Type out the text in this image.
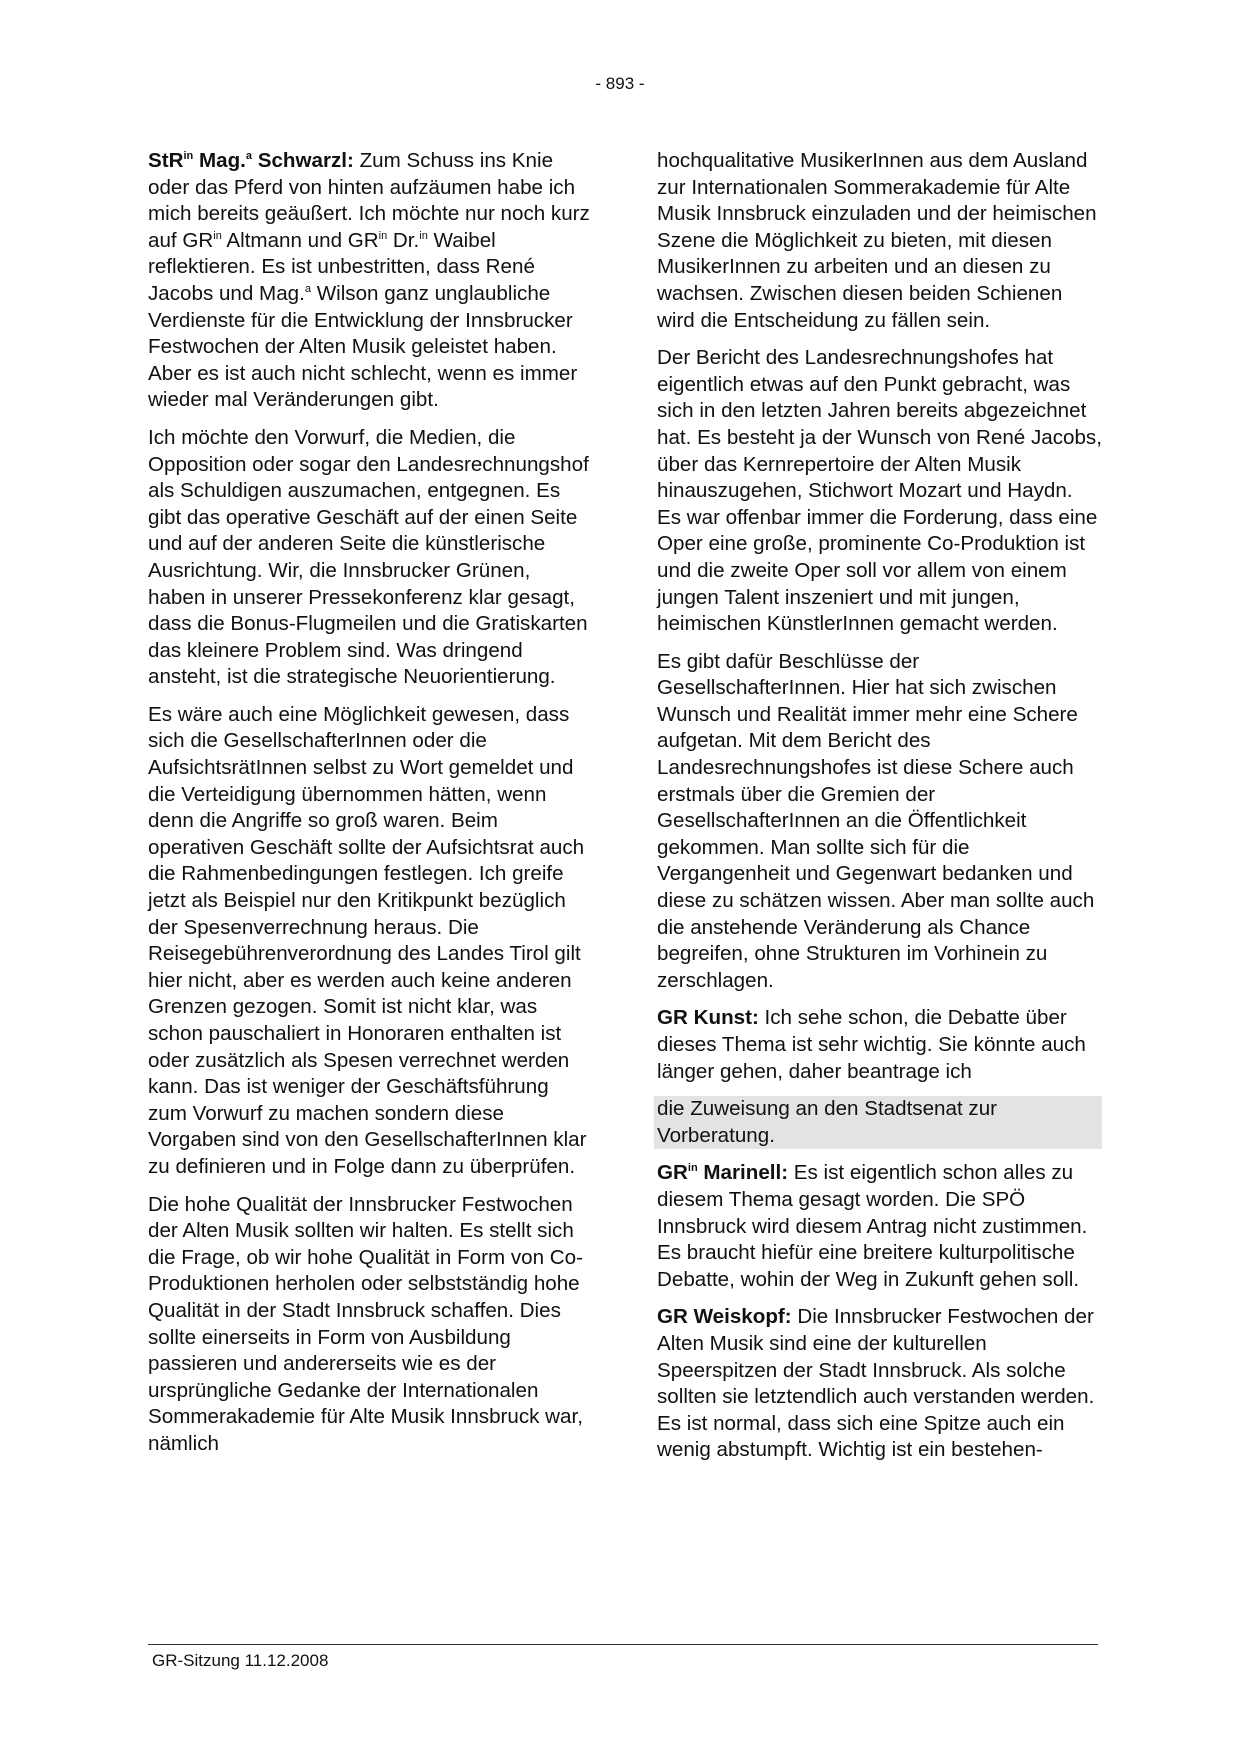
- 893 -

StR$^{in}$ Mag.$^a$ Schwarzl: Zum Schuss ins Knie oder das Pferd von hinten aufzäumen habe ich mich bereits geäußert. Ich möchte nur noch kurz auf $GR^{in}$ Altmann und $GR^{in}$ Dr.$^{in}$ Waibel reflektieren. Es ist unbestritten, dass René Jacobs und Mag.$^a$ Wilson ganz unglaubliche Verdienste für die Entwicklung der Innsbrucker Festwochen der Alten Musik geleistet haben. Aber es ist auch nicht schlecht, wenn es immer wieder mal Veränderungen gibt.

Ich möchte den Vorwurf, die Medien, die Opposition oder sogar den Landesrechnungshof als Schuldigen auszumachen, entgegnen. Es gibt das operative Geschäft auf der einen Seite und auf der anderen Seite die künstlerische Ausrichtung. Wir, die Innsbrucker Grünen, haben in unserer Pressekonferenz klar gesagt, dass die Bonus-Flugmeilen und die Gratiskarten das kleinere Problem sind. Was dringend ansteht, ist die strategische Neuorientierung.

Es wäre auch eine Möglichkeit gewesen, dass sich die GesellschafterInnen oder die AufsichtsrätInnen selbst zu Wort gemeldet und die Verteidigung übernommen hätten, wenn denn die Angriffe so groß waren. Beim operativen Geschäft sollte der Aufsichtsrat auch die Rahmenbedingungen festlegen. Ich greife jetzt als Beispiel nur den Kritikpunkt bezüglich der Spesenverrechnung heraus. Die Reisegebührenverordnung des Landes Tirol gilt hier nicht, aber es werden auch keine anderen Grenzen gezogen. Somit ist nicht klar, was schon pauschaliert in Honoraren enthalten ist oder zusätzlich als Spesen verrechnet werden kann. Das ist weniger der Geschäftsführung zum Vorwurf zu machen sondern diese Vorgaben sind von den GesellschafterInnen klar zu definieren und in Folge dann zu überprüfen.

Die hohe Qualität der Innsbrucker Festwochen der Alten Musik sollten wir halten. Es stellt sich die Frage, ob wir hohe Qualität in Form von Co-Produktionen herholen oder selbstständig hohe Qualität in der Stadt Innsbruck schaffen. Dies sollte einerseits in Form von Ausbildung passieren und andererseits wie es der ursprüngliche Gedanke der Internationalen Sommerakademie für Alte Musik Innsbruck war, nämlich

hochqualitative MusikerInnen aus dem Ausland zur Internationalen Sommerakademie für Alte Musik Innsbruck einzuladen und der heimischen Szene die Möglichkeit zu bieten, mit diesen MusikerInnen zu arbeiten und an diesen zu wachsen. Zwischen diesen beiden Schienen wird die Entscheidung zu fällen sein.

Der Bericht des Landesrechnungshofes hat eigentlich etwas auf den Punkt gebracht, was sich in den letzten Jahren bereits abgezeichnet hat. Es besteht ja der Wunsch von René Jacobs, über das Kernrepertoire der Alten Musik hinauszugehen, Stichwort Mozart und Haydn. Es war offenbar immer die Forderung, dass eine Oper eine große, prominente Co-Produktion ist und die zweite Oper soll vor allem von einem jungen Talent inszeniert und mit jungen, heimischen KünstlerInnen gemacht werden.

Es gibt dafür Beschlüsse der GesellschafterInnen. Hier hat sich zwischen Wunsch und Realität immer mehr eine Schere aufgetan. Mit dem Bericht des Landesrechnungshofes ist diese Schere auch erstmals über die Gremien der GesellschafterInnen an die Öffentlichkeit gekommen. Man sollte sich für die Vergangenheit und Gegenwart bedanken und diese zu schätzen wissen. Aber man sollte auch die anstehende Veränderung als Chance begreifen, ohne Strukturen im Vorhinein zu zerschlagen.

GR Kunst: Ich sehe schon, die Debatte über dieses Thema ist sehr wichtig. Sie könnte auch länger gehen, daher beantrage ich

die Zuweisung an den Stadtsenat zur Vorberatung.

$GR^{in}$ Marinell: Es ist eigentlich schon alles zu diesem Thema gesagt worden. Die SPÖ Innsbruck wird diesem Antrag nicht zustimmen. Es braucht hiefür eine breitere kulturpolitische Debatte, wohin der Weg in Zukunft gehen soll.

GR Weiskopf: Die Innsbrucker Festwochen der Alten Musik sind eine der kulturellen Speerspitzen der Stadt Innsbruck. Als solche sollten sie letztendlich auch verstanden werden. Es ist normal, dass sich eine Spitze auch ein wenig abstumpft. Wichtig ist ein bestehen-

GR-Sitzung 11.12.2008
